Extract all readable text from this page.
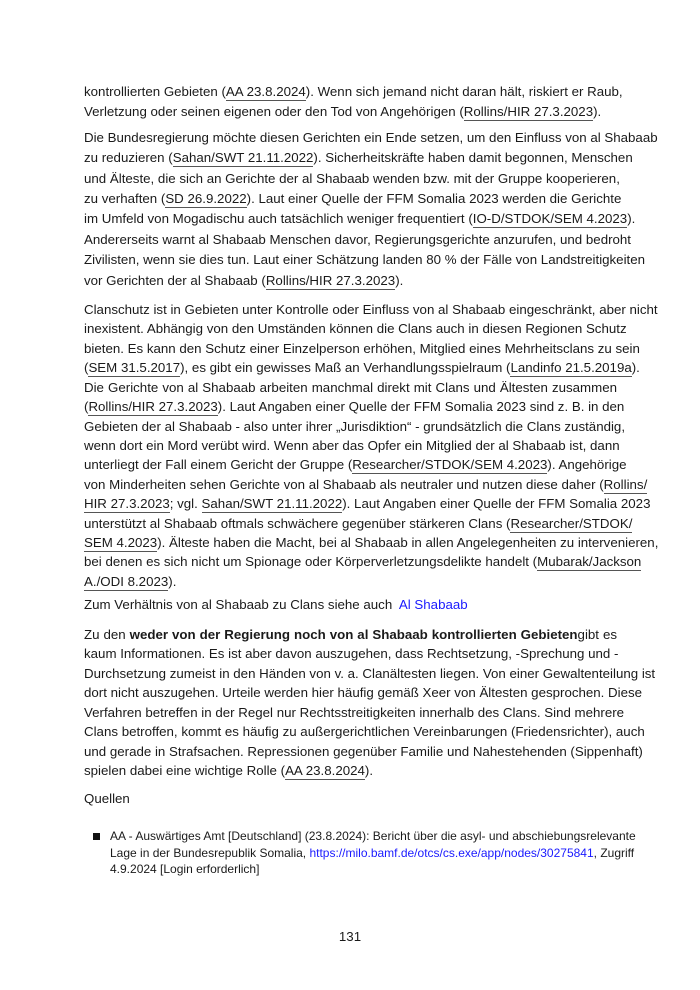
kontrollierten Gebieten (AA 23.8.2024). Wenn sich jemand nicht daran hält, riskiert er Raub,
Verletzung oder seinen eigenen oder den Tod von Angehörigen (Rollins/HIR 27.3.2023).
Die Bundesregierung möchte diesen Gerichten ein Ende setzen, um den Einfluss von al Shabaab
zu reduzieren (Sahan/SWT 21.11.2022). Sicherheitskräfte haben damit begonnen, Menschen
und Älteste, die sich an Gerichte der al Shabaab wenden bzw. mit der Gruppe kooperieren,
zu verhaften (SD 26.9.2022). Laut einer Quelle der FFM Somalia 2023 werden die Gerichte
im Umfeld von Mogadischu auch tatsächlich weniger frequentiert (IO-D/STDOK/SEM 4.2023).
Andererseits warnt al Shabaab Menschen davor, Regierungsgerichte anzurufen, und bedroht
Zivilisten, wenn sie dies tun. Laut einer Schätzung landen 80 % der Fälle von Landstreitigkeiten
vor Gerichten der al Shabaab (Rollins/HIR 27.3.2023).
Clanschutz ist in Gebieten unter Kontrolle oder Einfluss von al Shabaab eingeschränkt, aber nicht
inexistent. Abhängig von den Umständen können die Clans auch in diesen Regionen Schutz
bieten. Es kann den Schutz einer Einzelperson erhöhen, Mitglied eines Mehrheitsclans zu sein
(SEM 31.5.2017), es gibt ein gewisses Maß an Verhandlungsspielraum (Landinfo 21.5.2019a).
Die Gerichte von al Shabaab arbeiten manchmal direkt mit Clans und Ältesten zusammen
(Rollins/HIR 27.3.2023). Laut Angaben einer Quelle der FFM Somalia 2023 sind z. B. in den
Gebieten der al Shabaab - also unter ihrer „Jurisdiktion“ - grundsätzlich die Clans zuständig,
wenn dort ein Mord verübt wird. Wenn aber das Opfer ein Mitglied der al Shabaab ist, dann
unterliegt der Fall einem Gericht der Gruppe (Researcher/STDOK/SEM 4.2023). Angehörige
von Minderheiten sehen Gerichte von al Shabaab als neutraler und nutzen diese daher (Rollins/
HIR 27.3.2023; vgl. Sahan/SWT 21.11.2022). Laut Angaben einer Quelle der FFM Somalia 2023
unterstützt al Shabaab oftmals schwächere gegenüber stärkeren Clans (Researcher/STDOK/
SEM 4.2023). Älteste haben die Macht, bei al Shabaab in allen Angelegenheiten zu intervenieren,
bei denen es sich nicht um Spionage oder Körperverletzungsdelikte handelt (Mubarak/Jackson
A./ODI 8.2023).
Zum Verhältnis von al Shabaab zu Clans siehe auch  Al Shabaab
Zu den weder von der Regierung noch von al Shabaab kontrollierten Gebietengibt es
kaum Informationen. Es ist aber davon auszugehen, dass Rechtsetzung, -Sprechung und -
Durchsetzung zumeist in den Händen von v. a. Clanältesten liegen. Von einer Gewaltenteilung ist
dort nicht auszugehen. Urteile werden hier häufig gemäß Xeer von Ältesten gesprochen. Diese
Verfahren betreffen in der Regel nur Rechtsstreitigkeiten innerhalb des Clans. Sind mehrere
Clans betroffen, kommt es häufig zu außergerichtlichen Vereinbarungen (Friedensrichter), auch
und gerade in Strafsachen. Repressionen gegenüber Familie und Nahestehenden (Sippenhaft)
spielen dabei eine wichtige Rolle (AA 23.8.2024).
Quellen
AA - Auswärtiges Amt [Deutschland] (23.8.2024): Bericht über die asyl- und abschiebungsrelevante
Lage in der Bundesrepublik Somalia, https://milo.bamf.de/otcs/cs.exe/app/nodes/30275841, Zugriff
4.9.2024 [Login erforderlich]
131
